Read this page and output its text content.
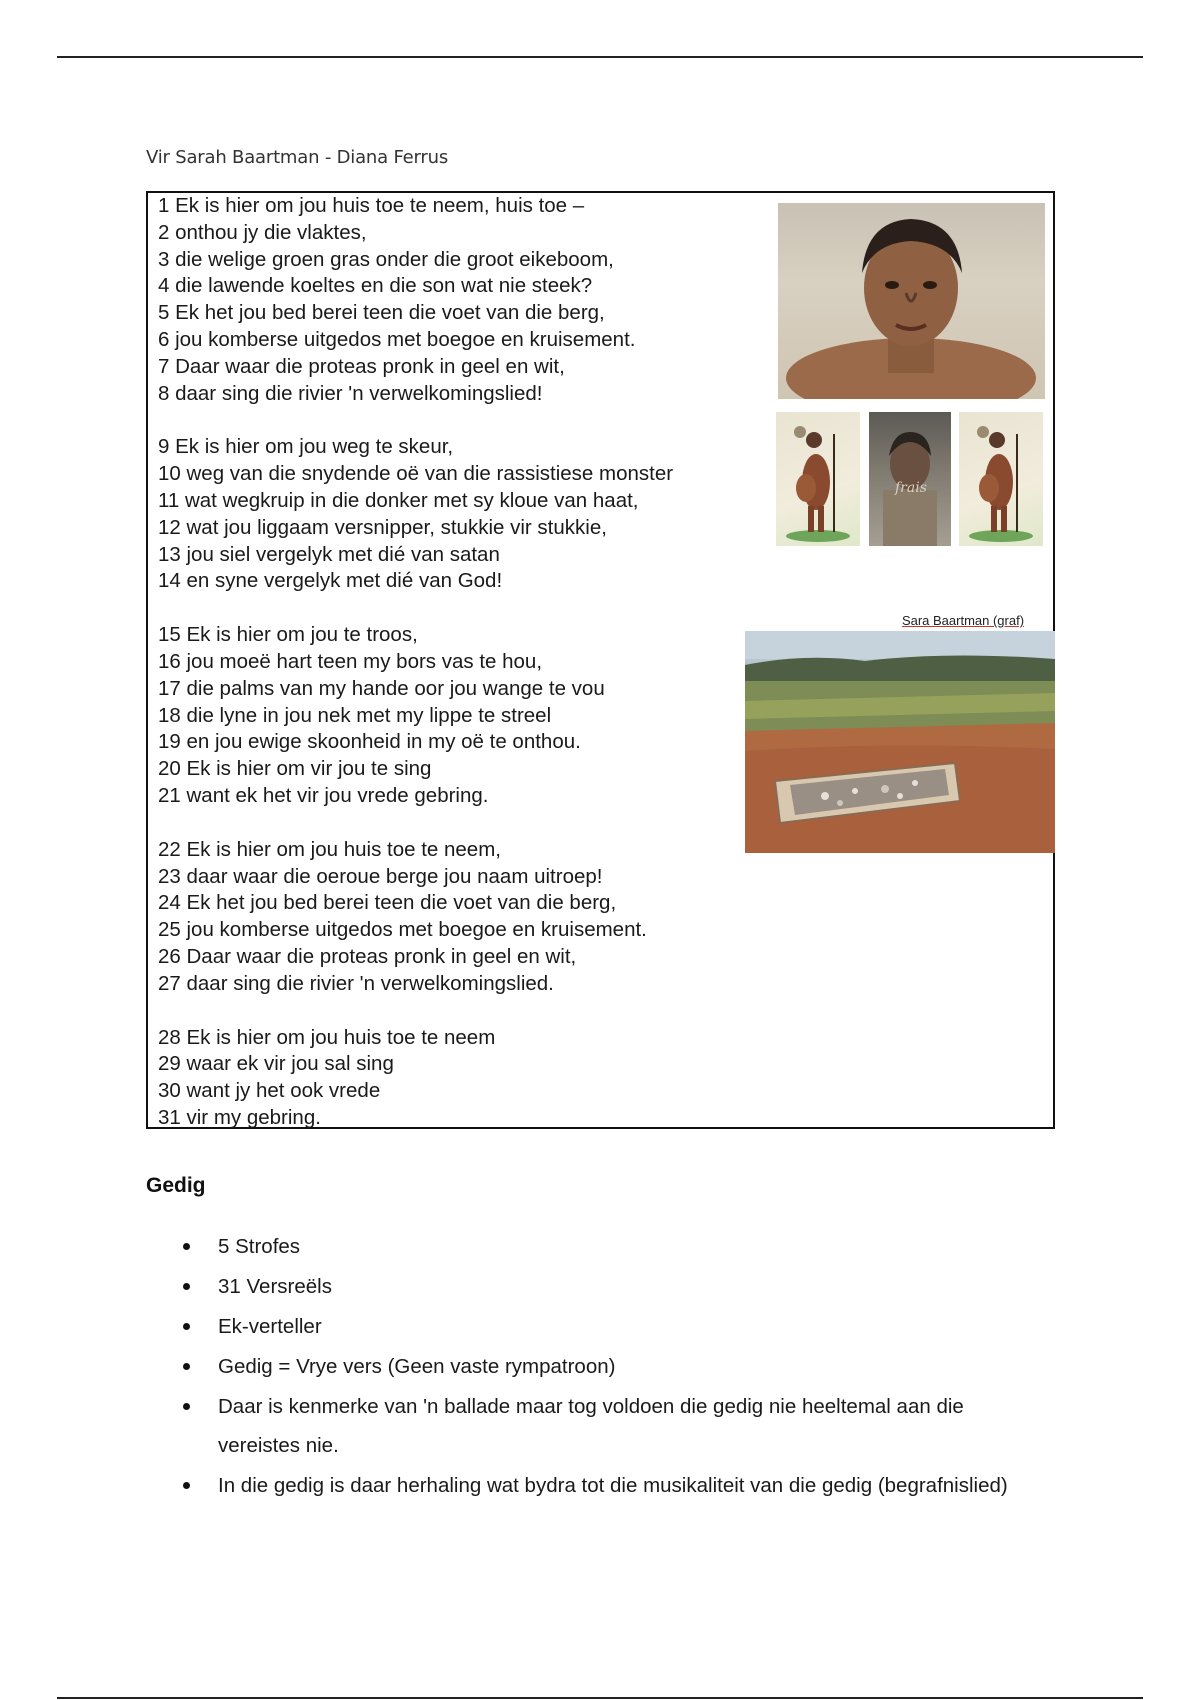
Vir Sarah Baartman - Diana Ferrus
1 Ek is hier om jou huis toe te neem, huis toe –
2 onthou jy die vlaktes,
3 die welige groen gras onder die groot eikeboom,
4 die lawende koeltes en die son wat nie steek?
5 Ek het jou bed berei teen die voet van die berg,
6 jou komberse uitgedos met boegoe en kruisement.
7 Daar waar die proteas pronk in geel en wit,
8 daar sing die rivier 'n verwelkomingslied!
9 Ek is hier om jou weg te skeur,
10 weg van die snydende oë van die rassistiese monster
11 wat wegkruip in die donker met sy kloue van haat,
12 wat jou liggaam versnipper, stukkie vir stukkie,
13 jou siel vergelyk met dié van satan
14 en syne vergelyk met dié van God!
15 Ek is hier om jou te troos,
16 jou moeë hart teen my bors vas te hou,
17 die palms van my hande oor jou wange te vou
18 die lyne in jou nek met my lippe te streel
19 en jou ewige skoonheid in my oë te onthou.
20 Ek is hier om vir jou te sing
21 want ek het vir jou vrede gebring.
22 Ek is hier om jou huis toe te neem,
23 daar waar die oeroue berge jou naam uitroep!
24 Ek het jou bed berei teen die voet van die berg,
25 jou komberse uitgedos met boegoe en kruisement.
26 Daar waar die proteas pronk in geel en wit,
27 daar sing die rivier 'n verwelkomingslied.
28 Ek is hier om jou huis toe te neem
29 waar ek vir jou sal sing
30 want jy het ook vrede
31 vir my gebring.
frais
Sara Baartman (graf)
Gedig
5 Strofes
31 Versreëls
Ek-verteller
Gedig = Vrye vers (Geen vaste rympatroon)
Daar is kenmerke van 'n ballade maar tog voldoen die gedig nie heeltemal aan die vereistes nie.
In die gedig is daar herhaling wat bydra tot die musikaliteit van die gedig (begrafnislied)
